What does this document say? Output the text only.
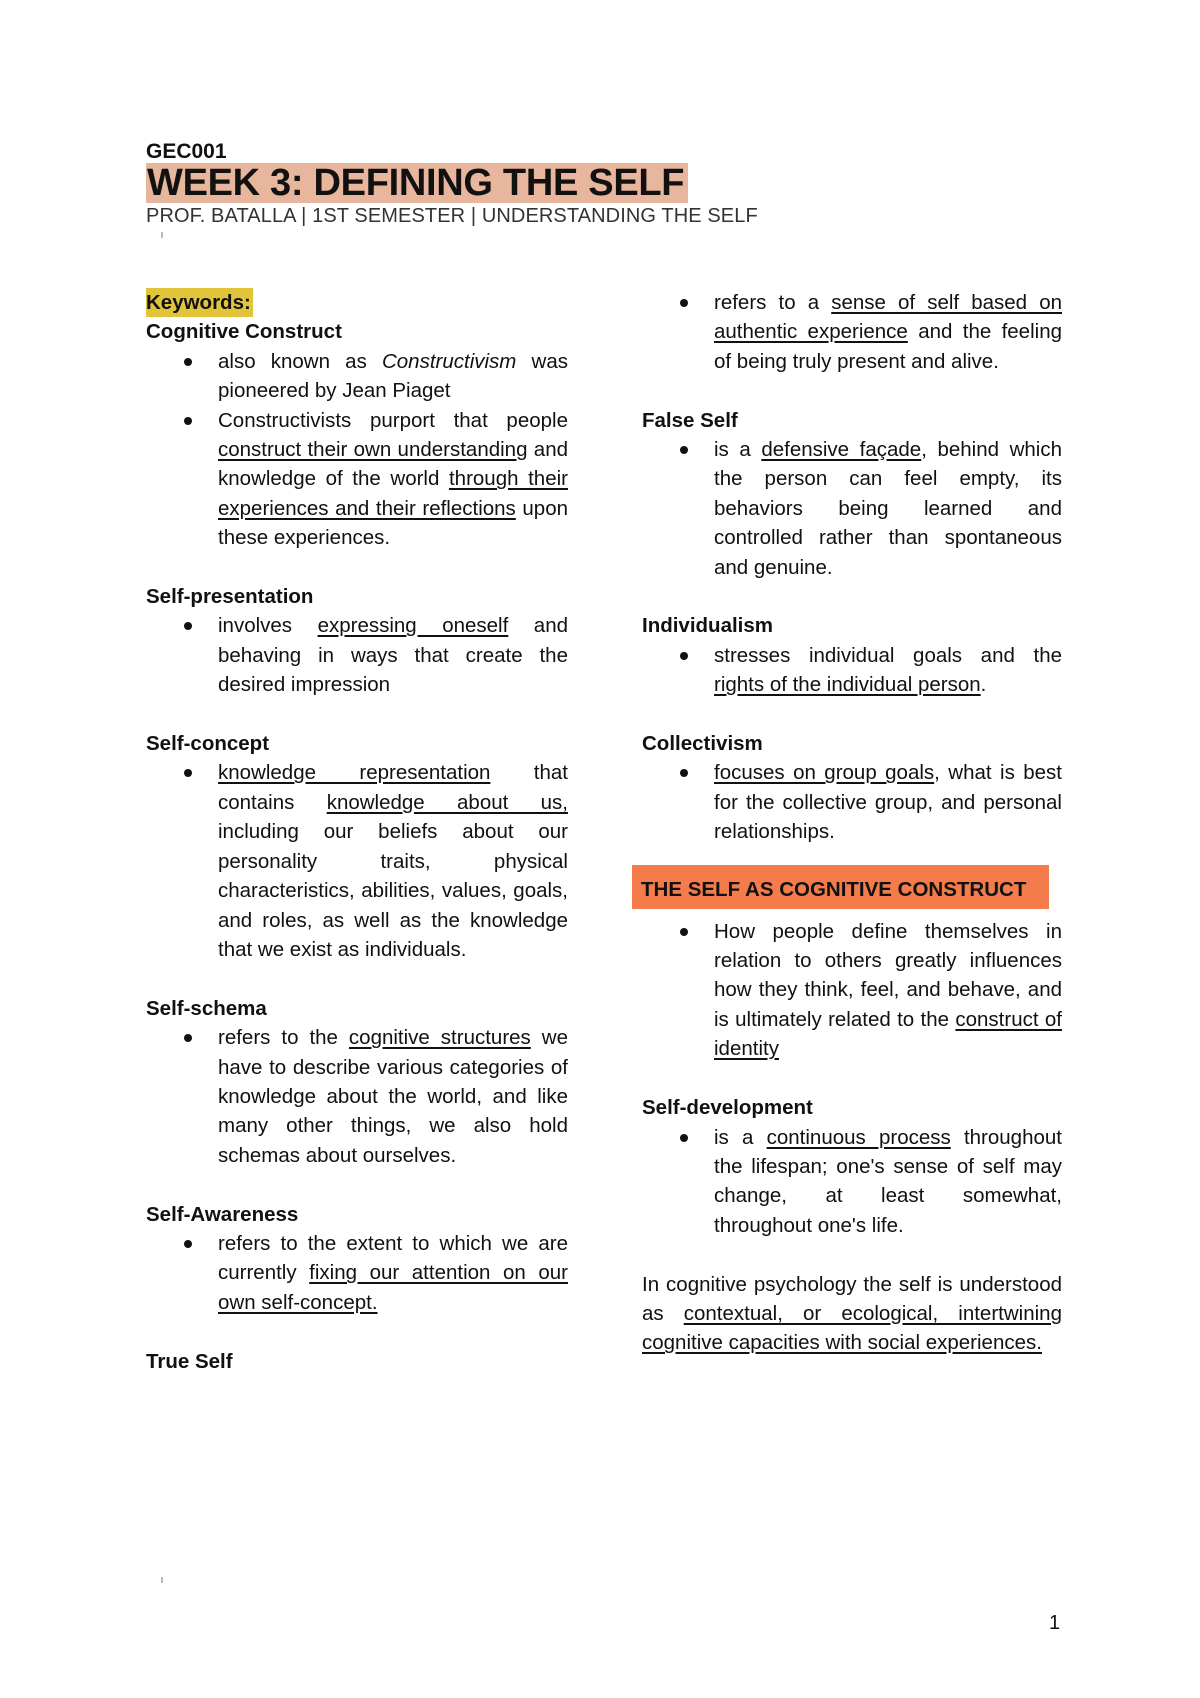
GEC001
WEEK 3: DEFINING THE SELF
PROF. BATALLA | 1ST SEMESTER | UNDERSTANDING THE SELF
Keywords:

Cognitive Construct

also known as Constructivism was pioneered by Jean Piaget
Constructivists purport that people construct their own understanding and knowledge of the world through their experiences and their reflections upon these experiences.

Self-presentation

involves expressing oneself and behaving in ways that create the desired impression

Self-concept

knowledge representation that contains knowledge about us, including our beliefs about our personality traits, physical characteristics, abilities, values, goals, and roles, as well as the knowledge that we exist as individuals.

Self-schema

refers to the cognitive structures we have to describe various categories of knowledge about the world, and like many other things, we also hold schemas about ourselves.

Self-Awareness

refers to the extent to which we are currently fixing our attention on our own self-concept.

True Self

refers to a sense of self based on authentic experience and the feeling of being truly present and alive.

False Self

is a defensive façade, behind which the person can feel empty, its behaviors being learned and controlled rather than spontaneous and genuine.

Individualism

stresses individual goals and the rights of the individual person.

Collectivism

focuses on group goals, what is best for the collective group, and personal relationships.
THE SELF AS COGNITIVE CONSTRUCT
How people define themselves in relation to others greatly influences how they think, feel, and behave, and is ultimately related to the construct of identity

Self-development

is a continuous process throughout the lifespan; one's sense of self may change, at least somewhat, throughout one's life.

In cognitive psychology the self is understood as contextual, or ecological, intertwining cognitive capacities with social experiences.

1
